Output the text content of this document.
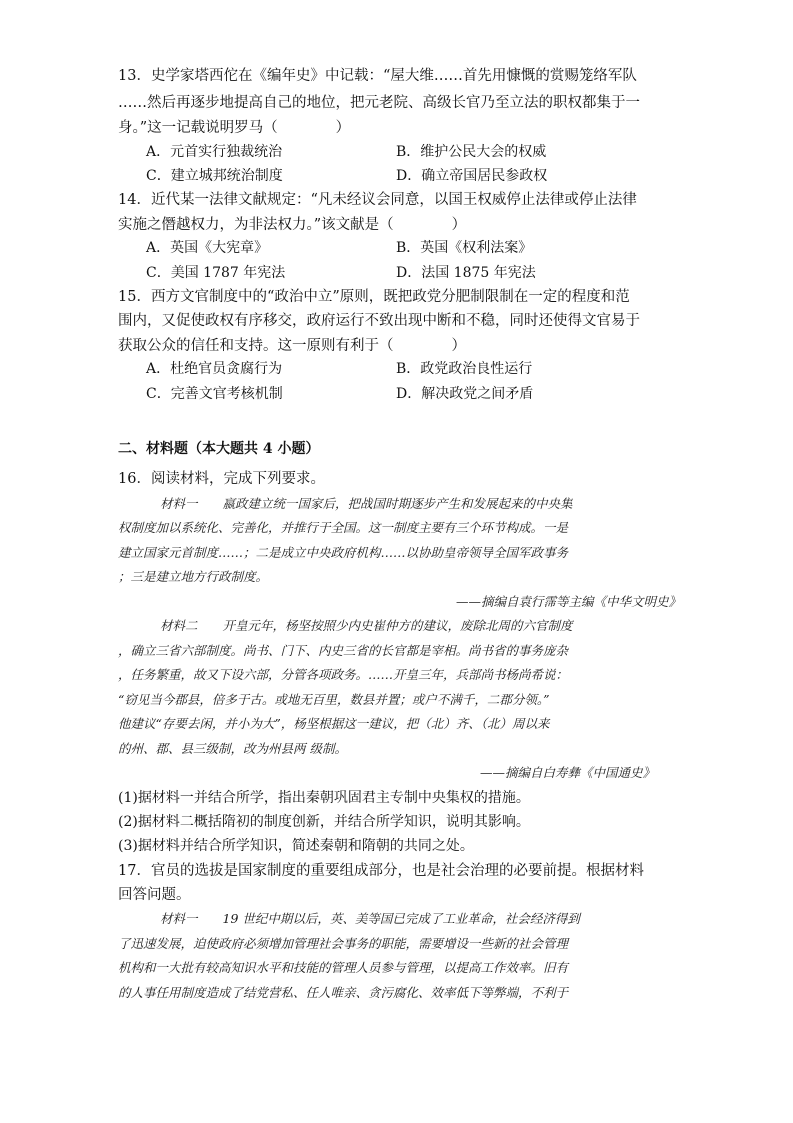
13．史学家塔西佗在《编年史》中记载：“屋大维……首先用慷慨的赏赐笼络军队
……然后再逐步地提高自己的地位，把元老院、高级长官乃至立法的职权都集于一
身。”这一记载说明罗马（　　　　）
A．元首实行独裁统治	B．维护公民大会的权威
C．建立城邦统治制度	D．确立帝国居民参政权
14．近代某一法律文献规定：“凡未经议会同意，以国王权威停止法律或停止法律
实施之僭越权力，为非法权力。”该文献是（　　　　）
A．英国《大宪章》	B．英国《权利法案》
C．美国 1787 年宪法	D．法国 1875 年宪法
15．西方文官制度中的“政治中立”原则，既把政党分肥制限制在一定的程度和范
围内，又促使政权有序移交，政府运行不致出现中断和不稳，同时还使得文官易于
获取公众的信任和支持。这一原则有利于（　　　　）
A．杜绝官员贪腐行为	B．政党政治良性运行
C．完善文官考核机制	D．解决政党之间矛盾
二、材料题（本大题共 4 小题）
16．阅读材料，完成下列要求。
材料一　　嬴政建立统一国家后，把战国时期逐步产生和发展起来的中央集
权制度加以系统化、完善化，并推行于全国。这一制度主要有三个环节构成。一是
建立国家元首制度……；二是成立中央政府机构……以协助皇帝领导全国军政事务
；三是建立地方行政制度。
——摘编自袁行霈等主编《中华文明史》
材料二　　开皇元年，杨坚按照少内史崔仲方的建议，废除北周的六官制度
，确立三省六部制度。尚书、门下、内史三省的长官都是宰相。尚书省的事务庞杂
，任务繁重，故又下设六部，分管各项政务。……开皇三年，兵部尚书杨尚希说：
“窃见当今郡县，倍多于古。或地无百里，数县并置；或户不满千，二郡分领。”
他建议“存要去闲，并小为大”，杨坚根据这一建议，把（北）齐、（北）周以来
的州、郡、县三级制，改为州县两 级制。
——摘编自白寿彝《中国通史》
(1)据材料一并结合所学，指出秦朝巩固君主专制中央集权的措施。
(2)据材料二概括隋初的制度创新，并结合所学知识，说明其影响。
(3)据材料并结合所学知识，简述秦朝和隋朝的共同之处。
17．官员的选拔是国家制度的重要组成部分，也是社会治理的必要前提。根据材料
回答问题。
材料一　　19 世纪中期以后，英、美等国已完成了工业革命，社会经济得到
了迅速发展，迫使政府必须增加管理社会事务的职能，需要增设一些新的社会管理
机构和一大批有较高知识水平和技能的管理人员参与管理，以提高工作效率。旧有
的人事任用制度造成了结党营私、任人唯亲、贪污腐化、效率低下等弊端，不利于
